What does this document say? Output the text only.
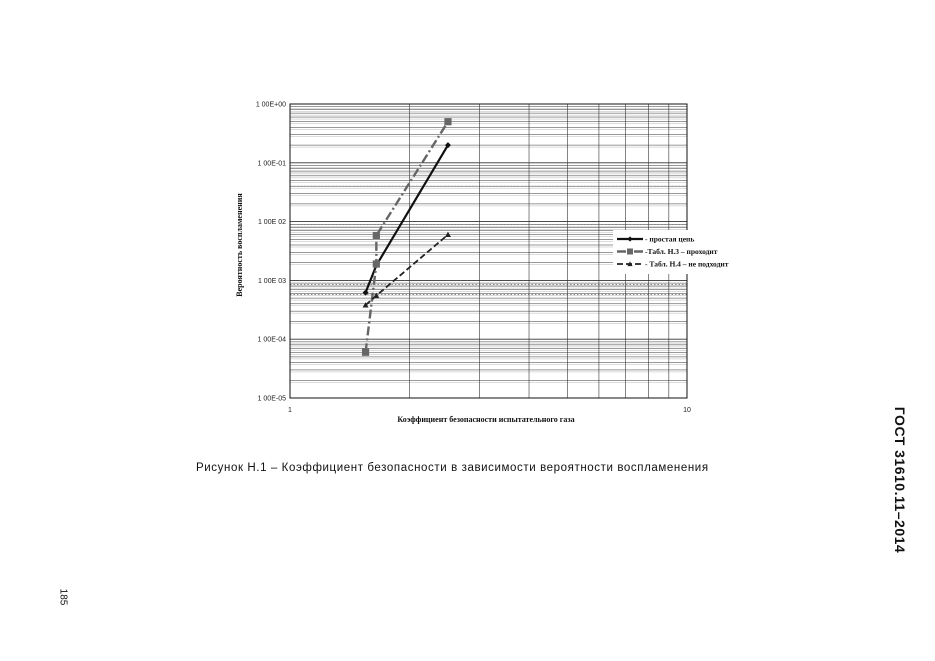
1 00E-05
1 00E-04
1 00E 03
1 00E 02
1 00E-01
1 00E+00
1	10
Коэффициент безопасности испытательного газа
Вероятность воспламенения	- простая цепь
-Табл. Н.3 – проходит
- Табл. Н.4 – не подходит
Рисунок Н.1 – Коэффициент безопасности в зависимости вероятности воспламенения	ГОСТ 31610.11–2014
185
